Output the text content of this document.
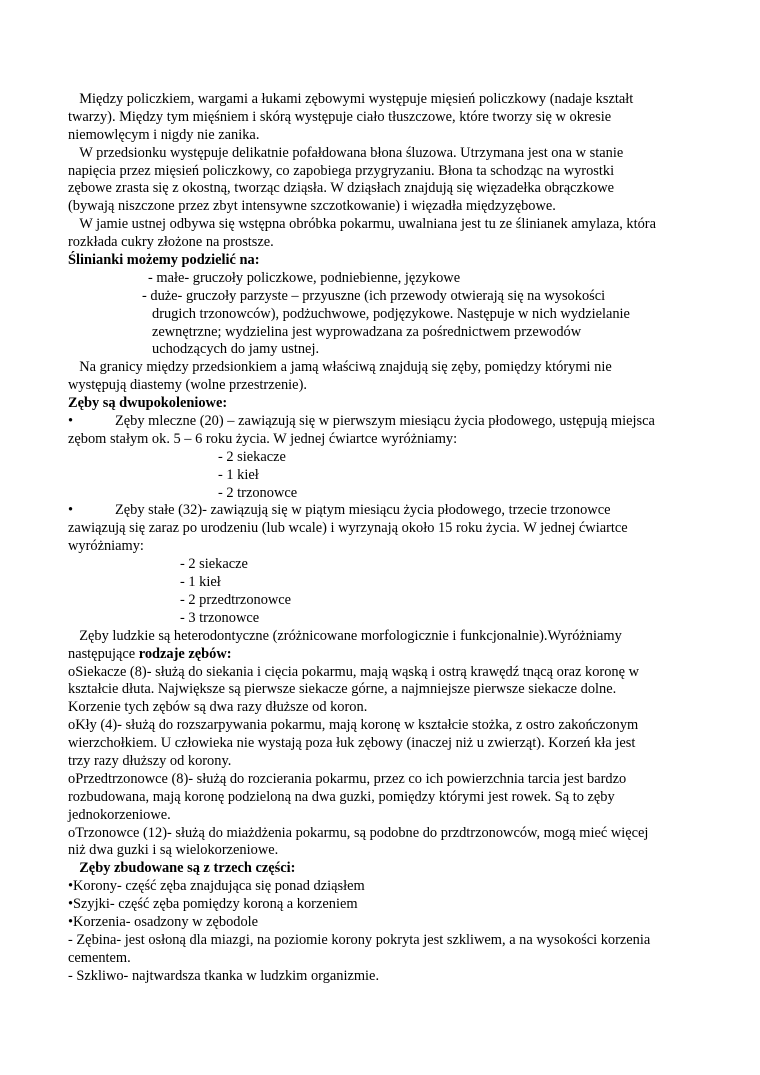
Między policzkiem, wargami a łukami zębowymi występuje mięsień policzkowy (nadaje kształt
twarzy). Między tym mięśniem i skórą występuje ciało tłuszczowe, które tworzy się w okresie
niemowlęcym i nigdy nie zanika.
W przedsionku występuje delikatnie pofałdowana błona śluzowa. Utrzymana jest ona w stanie
napięcia przez mięsień policzkowy, co zapobiega przygryzaniu. Błona ta schodząc na wyrostki
zębowe zrasta się z okostną, tworząc dziąsła. W dziąsłach znajdują się więzadełka obrączkowe
(bywają niszczone przez zbyt intensywne szczotkowanie) i więzadła międzyzębowe.
W jamie ustnej odbywa się wstępna obróbka pokarmu, uwalniana jest tu ze ślinianek amylaza, która
rozkłada cukry złożone na prostsze.
Ślinianki możemy podzielić na:
- małe- gruczoły policzkowe, podniebienne, językowe
- duże- gruczoły parzyste – przyuszne (ich przewody otwierają się na wysokości
drugich trzonowców), podżuchwowe, podjęzykowe. Następuje w nich wydzielanie
zewnętrzne; wydzielina jest wyprowadzana za pośrednictwem przewodów
uchodzących do jamy ustnej.
Na granicy między przedsionkiem a jamą właściwą znajdują się zęby, pomiędzy którymi nie
występują diastemy (wolne przestrzenie).
Zęby są dwupokoleniowe:
•	Zęby mleczne (20) – zawiązują się w pierwszym miesiącu życia płodowego, ustępują miejsca
zębom stałym ok. 5 – 6 roku życia. W jednej ćwiartce wyróżniamy:
- 2 siekacze
- 1 kieł
- 2 trzonowce
•	Zęby stałe (32)- zawiązują się w piątym miesiącu życia płodowego, trzecie trzonowce
zawiązują się zaraz po urodzeniu (lub wcale) i wyrzynają około 15 roku życia. W jednej ćwiartce
wyróżniamy:
- 2 siekacze
- 1 kieł
- 2 przedtrzonowce
- 3 trzonowce
Zęby ludzkie są heterodontyczne (zróżnicowane morfologicznie i funkcjonalnie).Wyróżniamy
następujące rodzaje zębów:
oSiekacze (8)- służą do siekania i cięcia pokarmu, mają wąską i ostrą krawędź tnącą oraz koronę w
kształcie dłuta. Największe są pierwsze siekacze górne, a najmniejsze pierwsze siekacze dolne.
Korzenie tych zębów są dwa razy dłuższe od koron.
oKły (4)- służą do rozszarpywania pokarmu, mają koronę w kształcie stożka, z ostro zakończonym
wierzchołkiem. U człowieka nie wystają poza łuk zębowy (inaczej niż u zwierząt). Korzeń kła jest
trzy razy dłuższy od korony.
oPrzedtrzonowce (8)- służą do rozcierania pokarmu, przez co ich powierzchnia tarcia jest bardzo
rozbudowana, mają koronę podzieloną na dwa guzki, pomiędzy którymi jest rowek. Są to zęby
jednokorzeniowe.
oTrzonowce (12)- służą do miażdżenia pokarmu, są podobne do przdtrzonowców, mogą mieć więcej
niż dwa guzki i są wielokorzeniowe.
Zęby zbudowane są z trzech części:
•Korony- część zęba znajdująca się ponad dziąsłem
•Szyjki- część zęba pomiędzy koroną a korzeniem
•Korzenia- osadzony w zębodole
- Zębina- jest osłoną dla miazgi, na poziomie korony pokryta jest szkliwem, a na wysokości korzenia
cementem.
- Szkliwo- najtwardsza tkanka w ludzkim organizmie.
